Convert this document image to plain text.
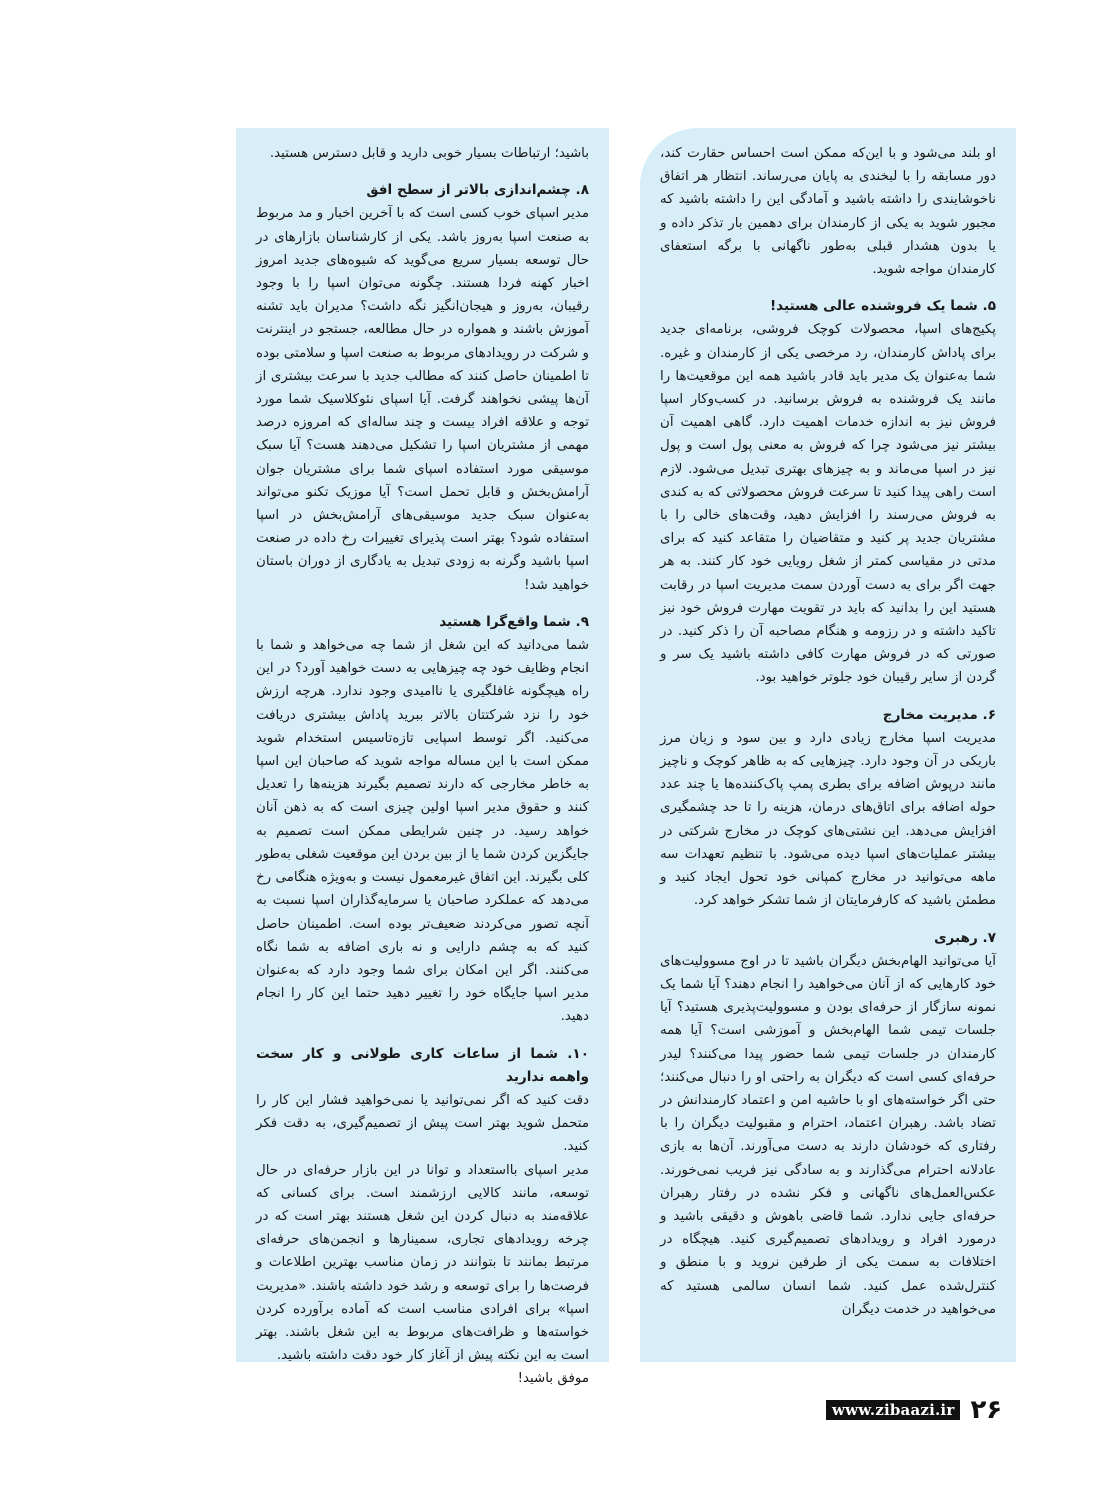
او بلند می‌شود و با این‌که ممکن است احساس حقارت کند، دور مسابقه را با لبخندی به پایان می‌رساند. انتظار هر اتفاق ناخوشایندی را داشته باشید و آمادگی این را داشته باشید که مجبور شوید به یکی از کارمندان برای دهمین بار تذکر داده و یا بدون هشدار قبلی به‌طور ناگهانی با برگه استعفای کارمندان مواجه شوید.

۵. شما یک فروشنده عالی هستید!

پکیج‌های اسپا، محصولات کوچک فروشی، برنامه‌ای جدید برای پاداش کارمندان، رد مرخصی یکی از کارمندان و غیره. شما به‌عنوان یک مدیر باید قادر باشید همه این موقعیت‌ها را مانند یک فروشنده به فروش برسانید. در کسب‌وکار اسپا فروش نیز به اندازه خدمات اهمیت دارد. گاهی اهمیت آن بیشتر نیز می‌شود چرا که فروش به معنی پول است و پول نیز در اسپا می‌ماند و به چیزهای بهتری تبدیل می‌شود. لازم است راهی پیدا کنید تا سرعت فروش محصولاتی که به کندی به فروش می‌رسند را افزایش دهید، وقت‌های خالی را با مشتریان جدید پر کنید و متقاضیان را متقاعد کنید که برای مدتی در مقیاسی کمتر از شغل رویایی خود کار کنند. به هر جهت اگر برای به دست آوردن سمت مدیریت اسپا در رقابت هستید این را بدانید که باید در تقویت مهارت فروش خود نیز تاکید داشته و در رزومه و هنگام مصاحبه آن را ذکر کنید. در صورتی که در فروش مهارت کافی داشته باشید یک سر و گردن از سایر رقیبان خود جلوتر خواهید بود.

۶. مدیریت مخارج

مدیریت اسپا مخارج زیادی دارد و بین سود و زیان مرز باریکی در آن وجود دارد. چیزهایی که به ظاهر کوچک و ناچیز مانند درپوش اضافه برای بطری پمپ پاک‌کننده‌ها یا چند عدد حوله اضافه برای اتاق‌های درمان، هزینه را تا حد چشمگیری افزایش می‌دهد. این نشتی‌های کوچک در مخارج شرکتی در بیشتر عملیات‌های اسپا دیده می‌شود. با تنظیم تعهدات سه ماهه می‌توانید در مخارج کمپانی خود تحول ایجاد کنید و مطمئن باشید که کارفرمایتان از شما تشکر خواهد کرد.

۷. رهبری

آیا می‌توانید الهام‌بخش دیگران باشید تا در اوج مسوولیت‌های خود کارهایی که از آنان می‌خواهید را انجام دهند؟ آیا شما یک نمونه سازگار از حرفه‌ای بودن و مسوولیت‌پذیری هستید؟ آیا جلسات تیمی شما الهام‌بخش و آموزشی است؟ آیا همه کارمندان در جلسات تیمی شما حضور پیدا می‌کنند؟ لیدر حرفه‌ای کسی است که دیگران به راحتی او را دنبال می‌کنند؛ حتی اگر خواسته‌های او با حاشیه امن و اعتماد کارمندانش در تضاد باشد. رهبران اعتماد، احترام و مقبولیت دیگران را با رفتاری که خودشان دارند به دست می‌آورند. آن‌ها به بازی عادلانه احترام می‌گذارند و به سادگی نیز فریب نمی‌خورند. عکس‌العمل‌های ناگهانی و فکر نشده در رفتار رهبران حرفه‌ای جایی ندارد. شما قاضی باهوش و دقیقی باشید و درمورد افراد و رویدادهای تصمیم‌گیری کنید. هیچگاه در اختلافات به سمت یکی از طرفین نروید و با منطق و کنترل‌شده عمل کنید. شما انسان سالمی هستید که می‌خواهید در خدمت دیگران

باشید؛ ارتباطات بسیار خوبی دارید و قابل دسترس هستید.

۸. چشم‌اندازی بالاتر از سطح افق

مدیر اسپای خوب کسی است که با آخرین اخبار و مد مربوط به صنعت اسپا به‌روز باشد. یکی از کارشناسان بازارهای در حال توسعه بسیار سریع می‌گوید که شیوه‌های جدید امروز اخبار کهنه فردا هستند. چگونه می‌توان اسپا را با وجود رقیبان، به‌روز و هیجان‌انگیز نگه داشت؟ مدیران باید تشنه آموزش باشند و همواره در حال مطالعه، جستجو در اینترنت و شرکت در رویدادهای مربوط به صنعت اسپا و سلامتی بوده تا اطمینان حاصل کنند که مطالب جدید با سرعت بیشتری از آن‌ها پیشی نخواهند گرفت. آیا اسپای نئوکلاسیک شما مورد توجه و علاقه افراد بیست و چند ساله‌ای که امروزه درصد مهمی از مشتریان اسپا را تشکیل می‌دهند هست؟ آیا سبک موسیقی مورد استفاده اسپای شما برای مشتریان جوان آرامش‌بخش و قابل تحمل است؟ آیا موزیک تکنو می‌تواند به‌عنوان سبک جدید موسیقی‌های آرامش‌بخش در اسپا استفاده شود؟ بهتر است پذیرای تغییرات رخ داده در صنعت اسپا باشید وگرنه به زودی تبدیل به یادگاری از دوران باستان خواهید شد!

۹. شما واقع‌گرا هستید

شما می‌دانید که این شغل از شما چه می‌خواهد و شما با انجام وظایف خود چه چیزهایی به دست خواهید آورد؟ در این راه هیچگونه غافلگیری یا ناامیدی وجود ندارد. هرچه ارزش خود را نزد شرکتتان بالاتر ببرید پاداش بیشتری دریافت می‌کنید. اگر توسط اسپایی تازه‌تاسیس استخدام شوید ممکن است با این مساله مواجه شوید که صاحبان این اسپا به خاطر مخارجی که دارند تصمیم بگیرند هزینه‌ها را تعدیل کنند و حقوق مدیر اسپا اولین چیزی است که به ذهن آنان خواهد رسید. در چنین شرایطی ممکن است تصمیم به جایگزین کردن شما یا از بین بردن این موقعیت شغلی به‌طور کلی بگیرند. این اتفاق غیرمعمول نیست و به‌ویژه هنگامی رخ می‌دهد که عملکرد صاحبان یا سرمایه‌گذاران اسپا نسبت به آنچه تصور می‌کردند ضعیف‌تر بوده است. اطمینان حاصل کنید که به چشم دارایی و نه باری اضافه به شما نگاه می‌کنند. اگر این امکان برای شما وجود دارد که به‌عنوان مدیر اسپا جایگاه خود را تغییر دهید حتما این کار را انجام دهید.

۱۰. شما از ساعات کاری طولانی و کار سخت واهمه ندارید

دقت کنید که اگر نمی‌توانید یا نمی‌خواهید فشار این کار را متحمل شوید بهتر است پیش از تصمیم‌گیری، به دقت فکر کنید.

مدیر اسپای بااستعداد و توانا در این بازار حرفه‌ای در حال توسعه، مانند کالایی ارزشمند است. برای کسانی که علاقه‌مند به دنبال کردن این شغل هستند بهتر است که در چرخه رویدادهای تجاری، سمینارها و انجمن‌های حرفه‌ای مرتبط بمانند تا بتوانند در زمان مناسب بهترین اطلاعات و فرصت‌ها را برای توسعه و رشد خود داشته باشند. «مدیریت اسپا» برای افرادی مناسب است که آماده برآورده کردن خواسته‌ها و ظرافت‌های مربوط به این شغل باشند. بهتر است به این نکته پیش از آغاز کار خود دقت داشته باشید.

موفق باشید!

www.zibaazi.ir ۲۶
